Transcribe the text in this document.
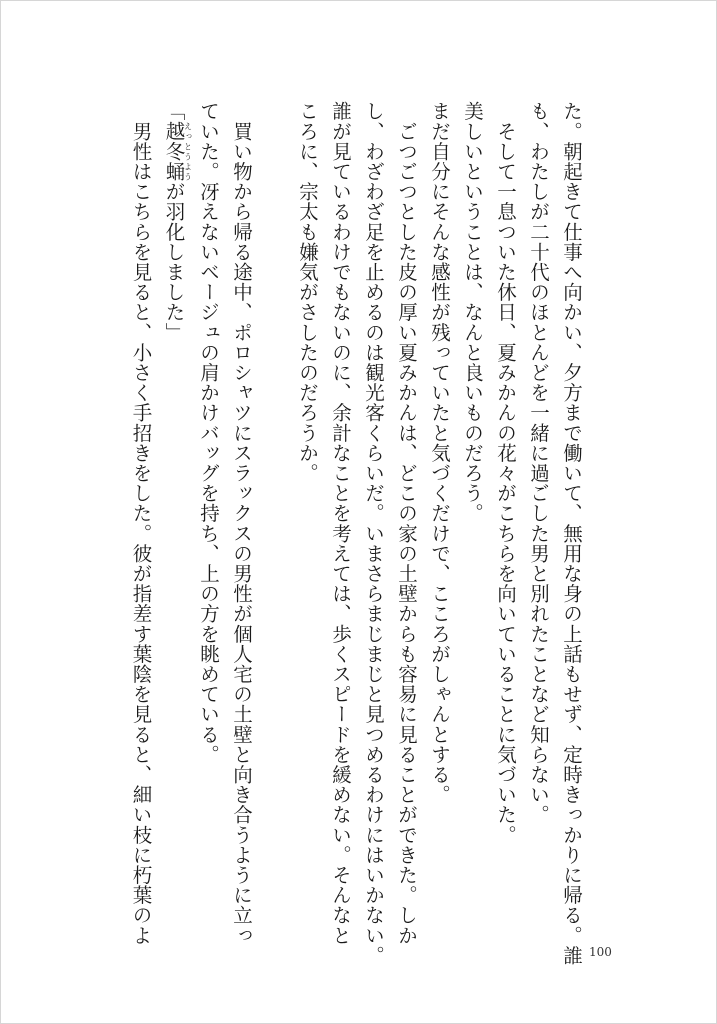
た。朝起きて仕事へ向かい、夕方まで働いて、無用な身の上話もせず、定時きっかりに帰る。誰
も、わたしが二十代のほとんどを一緒に過ごした男と別れたことなど知らない。
　そして一息ついた休日、夏みかんの花々がこちらを向いていることに気づいた。
美しいということは、なんと良いものだろう。
まだ自分にそんな感性が残っていたと気づくだけで、こころがしゃんとする。
　ごつごつとした皮の厚い夏みかんは、どこの家の土壁からも容易に見ることができた。しか
し、わざわざ足を止めるのは観光客くらいだ。いまさらまじまじと見つめるわけにはいかない。
誰が見ているわけでもないのに、余計なことを考えては、歩くスピードを緩めない。そんなと
ころに、宗太も嫌気がさしたのだろうか。
　買い物から帰る途中、ポロシャツにスラックスの男性が個人宅の土壁と向き合うように立っ
ていた。冴えないベージュの肩かけバッグを持ち、上の方を眺めている。
「越冬蛹えっとうようが羽化しました」
　男性はこちらを見ると、小さく手招きをした。彼が指差す葉陰を見ると、細い枝に朽葉のよ
100
